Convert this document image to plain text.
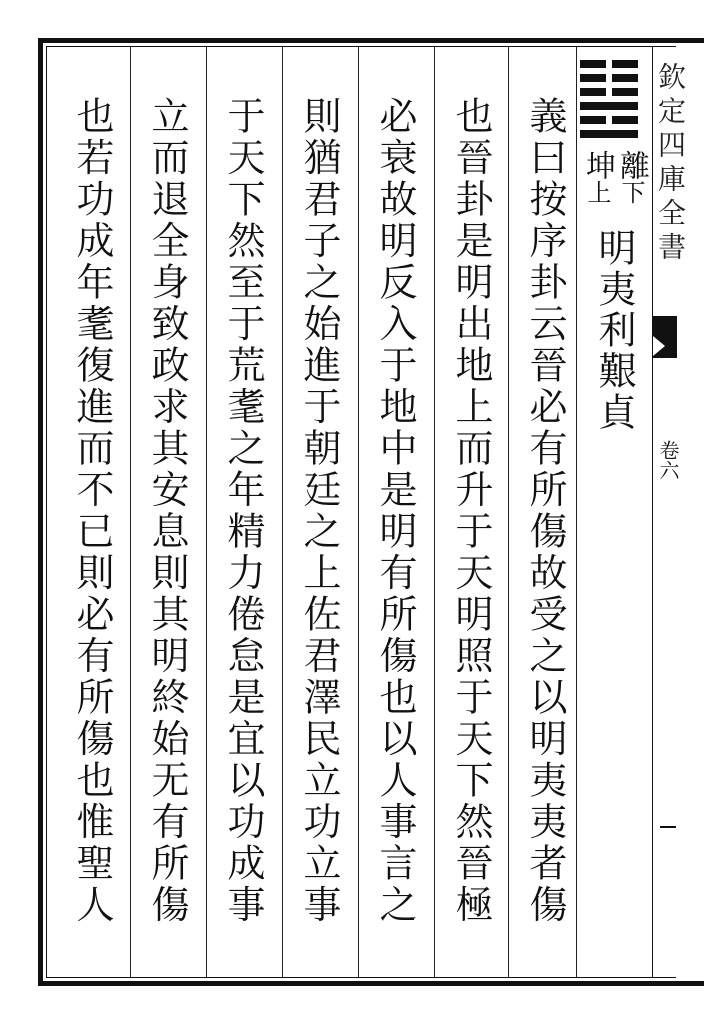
欽定四庫全書
卷六
離下
坤上
明夷利艱貞
義曰按序卦云晉必有所傷故受之以明夷夷者傷
也晉卦是明出地上而升于天明照于天下然晉極
必衰故明反入于地中是明有所傷也以人事言之
則猶君子之始進于朝廷之上佐君澤民立功立事
于天下然至于荒耄之年精力倦怠是宜以功成事
立而退全身致政求其安息則其明終始无有所傷
也若功成年耄復進而不已則必有所傷也惟聖人
